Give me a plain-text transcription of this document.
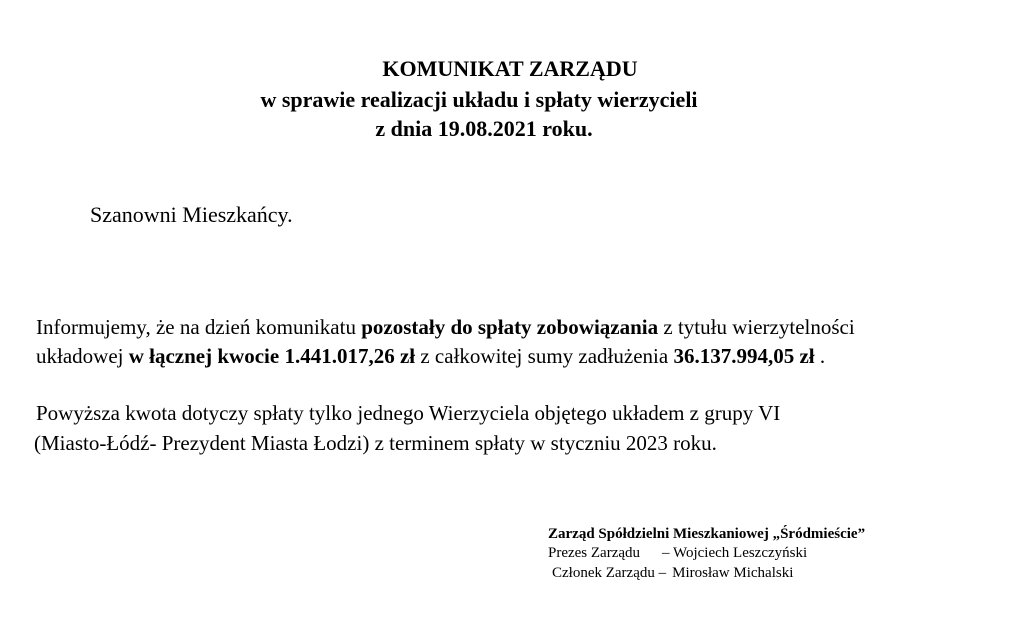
KOMUNIKAT ZARZĄDU
w sprawie realizacji układu i spłaty wierzycieli
z dnia 19.08.2021 roku.
Szanowni Mieszkańcy.
Informujemy, że na dzień komunikatu pozostały do spłaty zobowiązania z tytułu wierzytelności
układowej w łącznej kwocie 1.441.017,26 zł z całkowitej sumy zadłużenia 36.137.994,05 zł .
Powyższa kwota dotyczy spłaty tylko jednego Wierzyciela objętego układem z grupy VI
(Miasto-Łódź- Prezydent Miasta Łodzi) z terminem spłaty w styczniu 2023 roku.
Zarząd Spółdzielni Mieszkaniowej „Śródmieście”
Prezes Zarządu – Wojciech Leszczyński
Członek Zarządu – Mirosław Michalski
